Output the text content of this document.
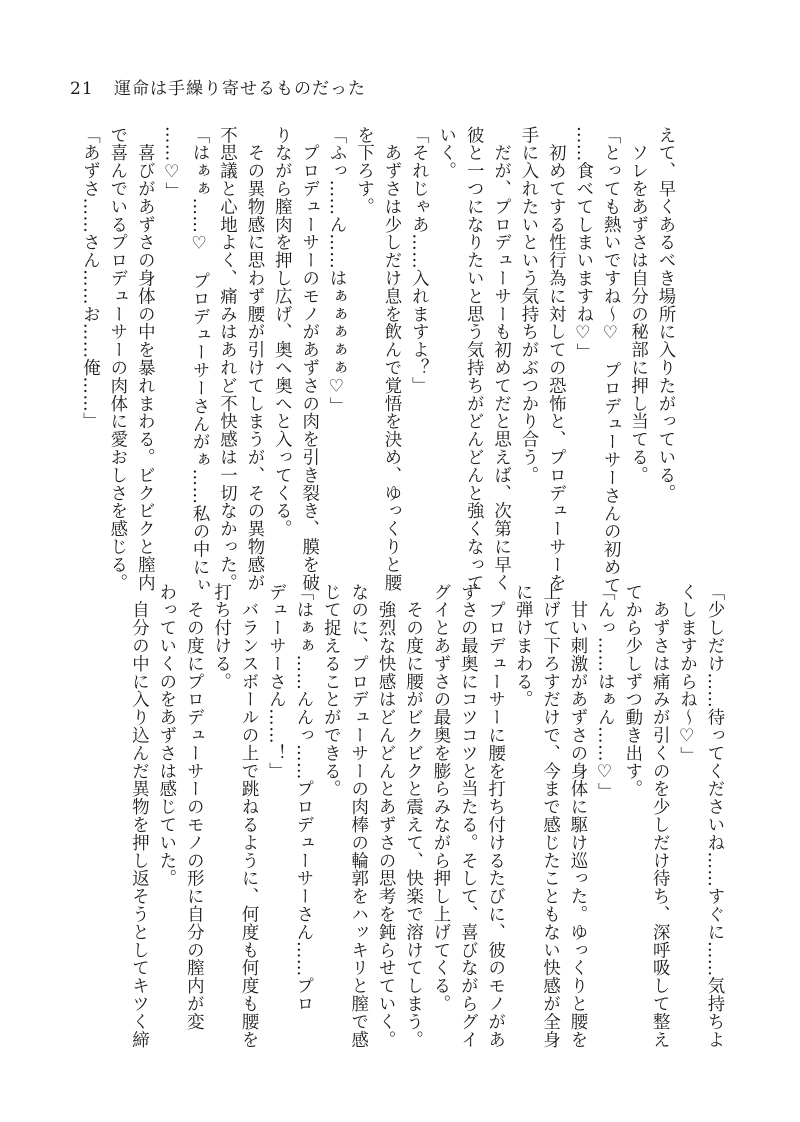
21 運命は手繰り寄せるものだった

えて、早くあるべき場所に入りたがっている。

　ソレをあずさは自分の秘部に押し当てる。

「とっても熱いですね～♡　プロデューサーさんの初めて

……食べてしまいますね♡」

　初めてする性行為に対しての恐怖と、プロデューサーを

手に入れたいという気持ちがぶつかり合う。

　だが、プロデューサーも初めてだと思えば、次第に早く

彼と一つになりたいと思う気持ちがどんどんと強くなって

いく。

「それじゃあ……入れますよ？」

　あずさは少しだけ息を飲んで覚悟を決め、ゆっくりと腰

を下ろす。

「ふっ……ん……はぁぁぁぁぁ♡」

　プロデューサーのモノがあずさの肉を引き裂き、膜を破

りながら膣肉を押し広げ、奥へ奥へと入ってくる。

　その異物感に思わず腰が引けてしまうが、その異物感が

不思議と心地よく、痛みはあれど不快感は一切なかった。

「はぁぁ……♡　プロデューサーさんがぁ……私の中にぃ

……♡」

　喜びがあずさの身体の中を暴れまわる。ビクビクと膣内

で喜んでいるプロデューサーの肉体に愛おしさを感じる。

「あずさ……さん……お……俺……」

「少しだけ……待ってくださいね……すぐに……気持ちよ

くしますからね～♡」

　あずさは痛みが引くのを少しだけ待ち、深呼吸して整え

てから少しずつ動き出す。

「んっ……はぁん……♡」

　甘い刺激があずさの身体に駆け巡った。ゆっくりと腰を

上げて下ろすだけで、今まで感じたこともない快感が全身

に弾けまわる。

　プロデューサーに腰を打ち付けるたびに、彼のモノがあ

ずさの最奥にコツコツと当たる。そして、喜びながらグイ

グイとあずさの最奥を膨らみながら押し上げてくる。

　その度に腰がビクビクと震えて、快楽で溶けてしまう。

　強烈な快感はどんどんとあずさの思考を鈍らせていく。

なのに、プロデューサーの肉棒の輪郭をハッキリと膣で感

じて捉えることができる。

「はぁぁ……んんっ……プロデューサーさん……プロ

デューサーさん……！」

　バランスボールの上で跳ねるように、何度も何度も腰を

打ち付ける。

　その度にプロデューサーのモノの形に自分の膣内が変

わっていくのをあずさは感じていた。

　自分の中に入り込んだ異物を押し返そうとしてキツく締
